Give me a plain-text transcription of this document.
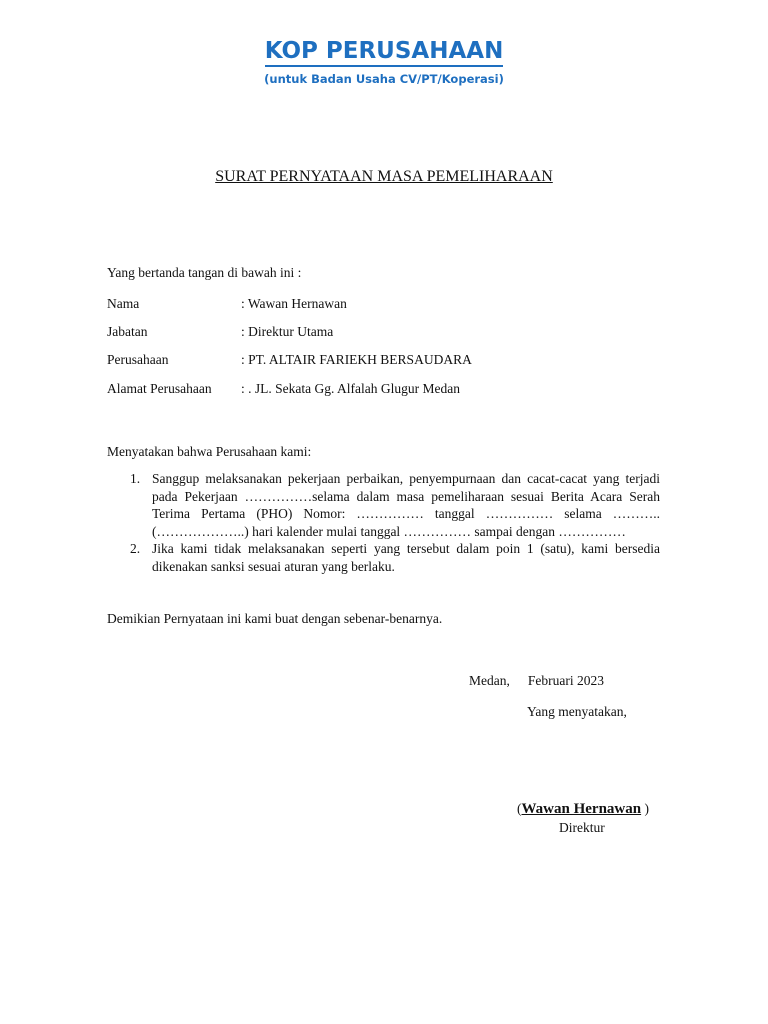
KOP PERUSAHAAN
(untuk Badan Usaha CV/PT/Koperasi)
SURAT PERNYATAAN MASA PEMELIHARAAN
Yang bertanda tangan di bawah ini :
Nama	: Wawan Hernawan
Jabatan	: Direktur Utama
Perusahaan	: PT. ALTAIR FARIEKH BERSAUDARA
Alamat Perusahaan : . JL. Sekata Gg. Alfalah Glugur Medan
Menyatakan bahwa Perusahaan kami:
1. Sanggup melaksanakan pekerjaan perbaikan, penyempurnaan dan cacat-cacat yang terjadi pada Pekerjaan ……………selama dalam masa pemeliharaan sesuai Berita Acara Serah Terima Pertama (PHO) Nomor: …………… tanggal …………… selama ……….. (………………..) hari kalender mulai tanggal …………… sampai dengan ……………
2. Jika kami tidak melaksanakan seperti yang tersebut dalam poin 1 (satu), kami bersedia dikenakan sanksi sesuai aturan yang berlaku.
Demikian Pernyataan ini kami buat dengan sebenar-benarnya.
Medan, Februari 2023
Yang menyatakan,
(Wawan Hernawan )
Direktur
